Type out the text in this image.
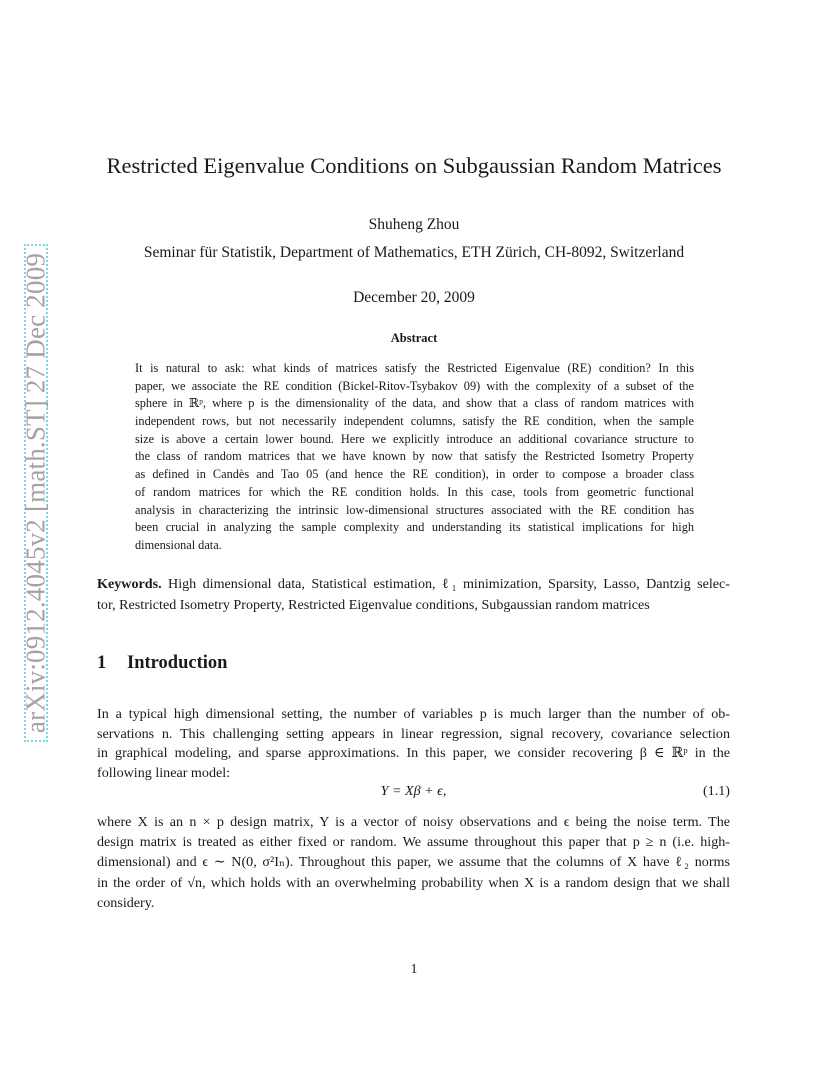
arXiv:0912.4045v2 [math.ST] 27 Dec 2009
Restricted Eigenvalue Conditions on Subgaussian Random Matrices
Shuheng Zhou
Seminar für Statistik, Department of Mathematics, ETH Zürich, CH-8092, Switzerland
December 20, 2009
Abstract
It is natural to ask: what kinds of matrices satisfy the Restricted Eigenvalue (RE) condition? In this
paper, we associate the RE condition (Bickel-Ritov-Tsybakov 09) with the complexity of a subset of the
sphere in ℝᵖ, where p is the dimensionality of the data, and show that a class of random matrices with
independent rows, but not necessarily independent columns, satisfy the RE condition, when the sample
size is above a certain lower bound. Here we explicitly introduce an additional covariance structure to
the class of random matrices that we have known by now that satisfy the Restricted Isometry Property
as defined in Candès and Tao 05 (and hence the RE condition), in order to compose a broader class
of random matrices for which the RE condition holds. In this case, tools from geometric functional
analysis in characterizing the intrinsic low-dimensional structures associated with the RE condition has
been crucial in analyzing the sample complexity and understanding its statistical implications for high
dimensional data.
Keywords. High dimensional data, Statistical estimation, ℓ₁ minimization, Sparsity, Lasso, Dantzig selec-
tor, Restricted Isometry Property, Restricted Eigenvalue conditions, Subgaussian random matrices
1 Introduction
In a typical high dimensional setting, the number of variables p is much larger than the number of ob-
servations n. This challenging setting appears in linear regression, signal recovery, covariance selection
in graphical modeling, and sparse approximations. In this paper, we consider recovering β ∈ ℝᵖ in the
following linear model:
Y = Xβ + ϵ,	(1.1)
where X is an n × p design matrix, Y is a vector of noisy observations and ϵ being the noise term. The
design matrix is treated as either fixed or random. We assume throughout this paper that p ≥ n (i.e. high-
dimensional) and ϵ ∼ N(0, σ²Iₙ). Throughout this paper, we assume that the columns of X have ℓ₂ norms
in the order of √n, which holds with an overwhelming probability when X is a random design that we shall
considery.
1
